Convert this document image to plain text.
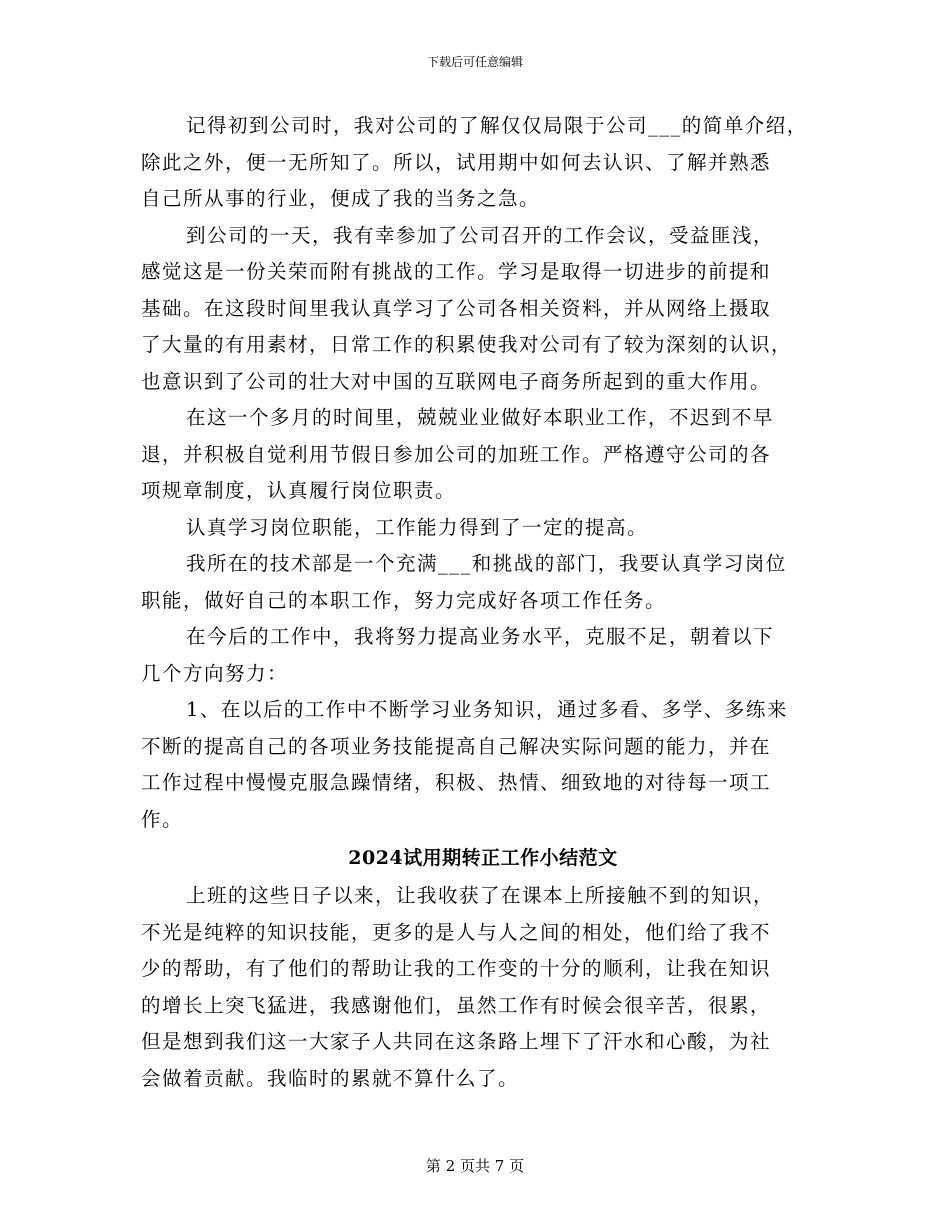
下载后可任意编辑
记得初到公司时，我对公司的了解仅仅局限于公司___的简单介绍，
除此之外，便一无所知了。所以，试用期中如何去认识、了解并熟悉
自己所从事的行业，便成了我的当务之急。
到公司的一天，我有幸参加了公司召开的工作会议，受益匪浅，
感觉这是一份关荣而附有挑战的工作。学习是取得一切进步的前提和
基础。在这段时间里我认真学习了公司各相关资料，并从网络上摄取
了大量的有用素材，日常工作的积累使我对公司有了较为深刻的认识，
也意识到了公司的壮大对中国的互联网电子商务所起到的重大作用。
在这一个多月的时间里，兢兢业业做好本职业工作，不迟到不早
退，并积极自觉利用节假日参加公司的加班工作。严格遵守公司的各
项规章制度，认真履行岗位职责。
认真学习岗位职能，工作能力得到了一定的提高。
我所在的技术部是一个充满___和挑战的部门，我要认真学习岗位
职能，做好自己的本职工作，努力完成好各项工作任务。
在今后的工作中，我将努力提高业务水平，克服不足，朝着以下
几个方向努力：
1、在以后的工作中不断学习业务知识，通过多看、多学、多练来
不断的提高自己的各项业务技能提高自己解决实际问题的能力，并在
工作过程中慢慢克服急躁情绪，积极、热情、细致地的对待每一项工
作。
2024试用期转正工作小结范文
上班的这些日子以来，让我收获了在课本上所接触不到的知识，
不光是纯粹的知识技能，更多的是人与人之间的相处，他们给了我不
少的帮助，有了他们的帮助让我的工作变的十分的顺利，让我在知识
的增长上突飞猛进，我感谢他们，虽然工作有时候会很辛苦，很累，
但是想到我们这一大家子人共同在这条路上埋下了汗水和心酸，为社
会做着贡献。我临时的累就不算什么了。
第 2 页共 7 页
